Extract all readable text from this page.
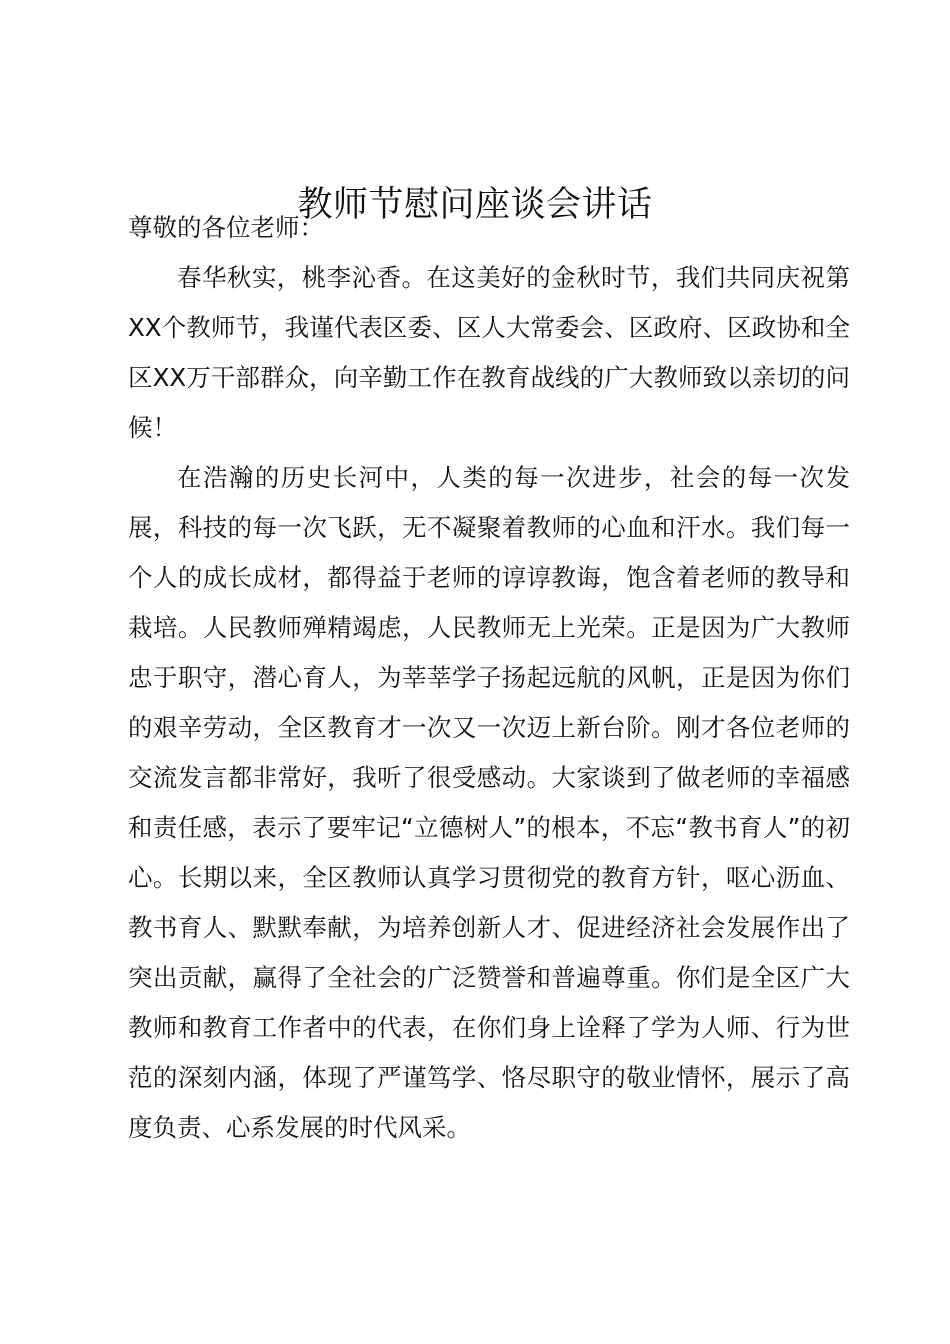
教师节慰问座谈会讲话

尊敬的各位老师：

春华秋实，桃李沁香。在这美好的金秋时节，我们共同庆祝第XX个教师节，我谨代表区委、区人大常委会、区政府、区政协和全区XX万干部群众，向辛勤工作在教育战线的广大教师致以亲切的问候！

在浩瀚的历史长河中，人类的每一次进步，社会的每一次发展，科技的每一次飞跃，无不凝聚着教师的心血和汗水。我们每一个人的成长成材，都得益于老师的谆谆教诲，饱含着老师的教导和栽培。人民教师殚精竭虑，人民教师无上光荣。正是因为广大教师忠于职守，潜心育人，为莘莘学子扬起远航的风帆，正是因为你们的艰辛劳动，全区教育才一次又一次迈上新台阶。刚才各位老师的交流发言都非常好，我听了很受感动。大家谈到了做老师的幸福感和责任感，表示了要牢记“立德树人”的根本，不忘“教书育人”的初心。长期以来，全区教师认真学习贯彻党的教育方针，呕心沥血、教书育人、默默奉献，为培养创新人才、促进经济社会发展作出了突出贡献，赢得了全社会的广泛赞誉和普遍尊重。你们是全区广大教师和教育工作者中的代表，在你们身上诠释了学为人师、行为世范的深刻内涵，体现了严谨笃学、恪尽职守的敬业情怀，展示了高度负责、心系发展的时代风采。
